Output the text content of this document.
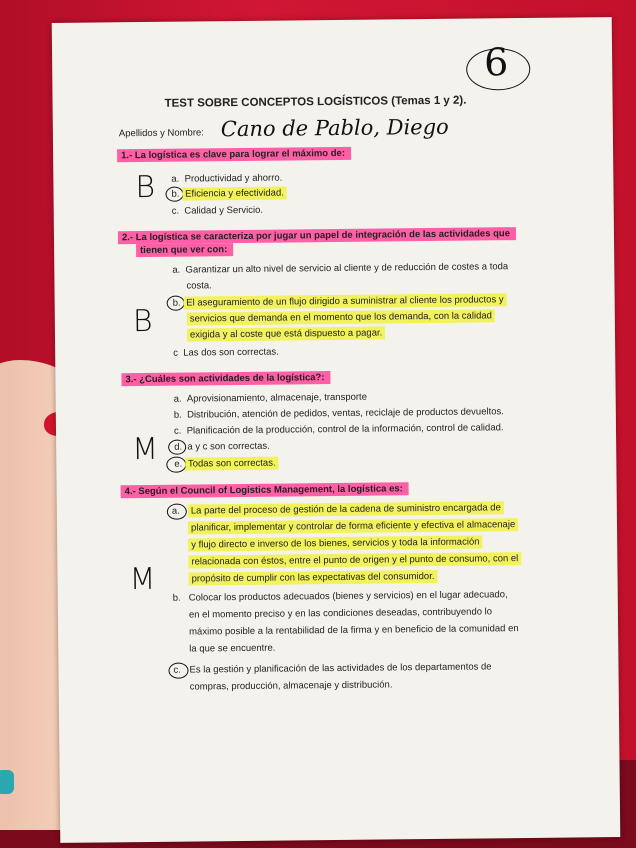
6
TEST SOBRE CONCEPTOS LOGÍSTICOS (Temas 1 y 2).
Apellidos y Nombre: Cano de Pablo, Diego
1.- La logística es clave para lograr el máximo de:
B a. Productividad y ahorro.
b. Eficiencia y efectividad.
c. Calidad y Servicio.
2.- La logística se caracteriza por jugar un papel de integración de las actividades que
tienen que ver con:
B
a. Garantizar un alto nivel de servicio al cliente y de reducción de costes a toda
costa.
b. El aseguramiento de un flujo dirigido a suministrar al cliente los productos y
servicios que demanda en el momento que los demanda, con la calidad
exigida y al coste que está dispuesto a pagar.
c Las dos son correctas.
3.- ¿Cuáles son actividades de la logística?:
M
a. Aprovisionamiento, almacenaje, transporte
b. Distribución, atención de pedidos, ventas, reciclaje de productos devueltos.
c. Planificación de la producción, control de la información, control de calidad.
d. a y c son correctas.
e. Todas son correctas.
4.- Según el Council of Logistics Management, la logística es:
M
a.	La parte del proceso de gestión de la cadena de suministro encargada de
planificar, implementar y controlar de forma eficiente y efectiva el almacenaje
y flujo directo e inverso de los bienes, servicios y toda la información
relacionada con éstos, entre el punto de origen y el punto de consumo, con el
propósito de cumplir con las expectativas del consumidor.
b. Colocar los productos adecuados (bienes y servicios) en el lugar adecuado,
en el momento preciso y en las condiciones deseadas, contribuyendo lo
máximo posible a la rentabilidad de la firma y en beneficio de la comunidad en
la que se encuentre.
c. Es la gestión y planificación de las actividades de los departamentos de
compras, producción, almacenaje y distribución.
